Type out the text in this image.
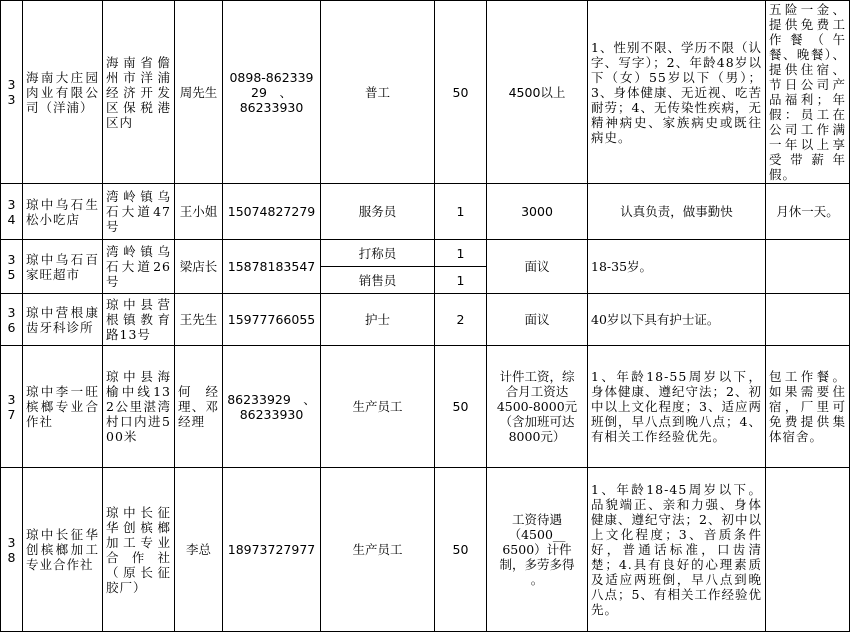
33	海南大庄园肉业有限公司（洋浦）	海南省儋州市洋浦经济开发区保税港区内	周先生	0898-86233929　、
86233930	普工	50	4500以上	1、性别不限、学历不限（认字、写字）；2、年龄48岁以下（女）55岁以下（男）；3、身体健康、无近视、吃苦耐劳；4、无传染性疾病，无精神病史、家族病史或既往病史。	五险一金、提供免费工作餐（午餐、晚餐）、提供住宿、节日公司产品福利；年假：员工在公司工作满一年以上享受带薪年假。
34	琼中乌石生松小吃店	湾岭镇乌石大道47号	王小姐	15074827279	服务员	1	3000	认真负责，做事勤快	月休一天。
35	琼中乌石百家旺超市	湾岭镇乌石大道26号	梁店长	15878183547	打称员	1	面议	18-35岁。	
					销售员	1			
36	琼中营根康齿牙科诊所	琼中县营根镇教育路13号	王先生	15977766055	护士	2	面议	40岁以下具有护士证。	
37	琼中李一旺槟榔专业合作社	琼中县海榆中线132公里湛湾村口内进500米	何经理、邓经理	86233929　、
86233930	生产员工	50	计件工资，综
合月工资达
4500-8000元
（含加班可达
8000元）	1、年龄18-55周岁以下，身体健康、遵纪守法；2、初中以上文化程度；3、适应两班倒，早八点到晚八点；4、有相关工作经验优先。	包工作餐。如果需要住宿，厂里可免费提供集体宿舍。
38	琼中长征华创槟榔加工专业合作社	琼中长征华创槟榔加工专业合作社（原长征胶厂）	李总	18973727977	生产员工	50	工资待遇
（4500__
6500）计件
制，多劳多得
。	1、年龄18-45周岁以下。品貌端正、亲和力强、身体健康、遵纪守法；2、初中以上文化程度；3、音质条件好，普通话标准，口齿清楚；4.具有良好的心理素质及适应两班倒，早八点到晚八点；5、有相关工作经验优先。	
